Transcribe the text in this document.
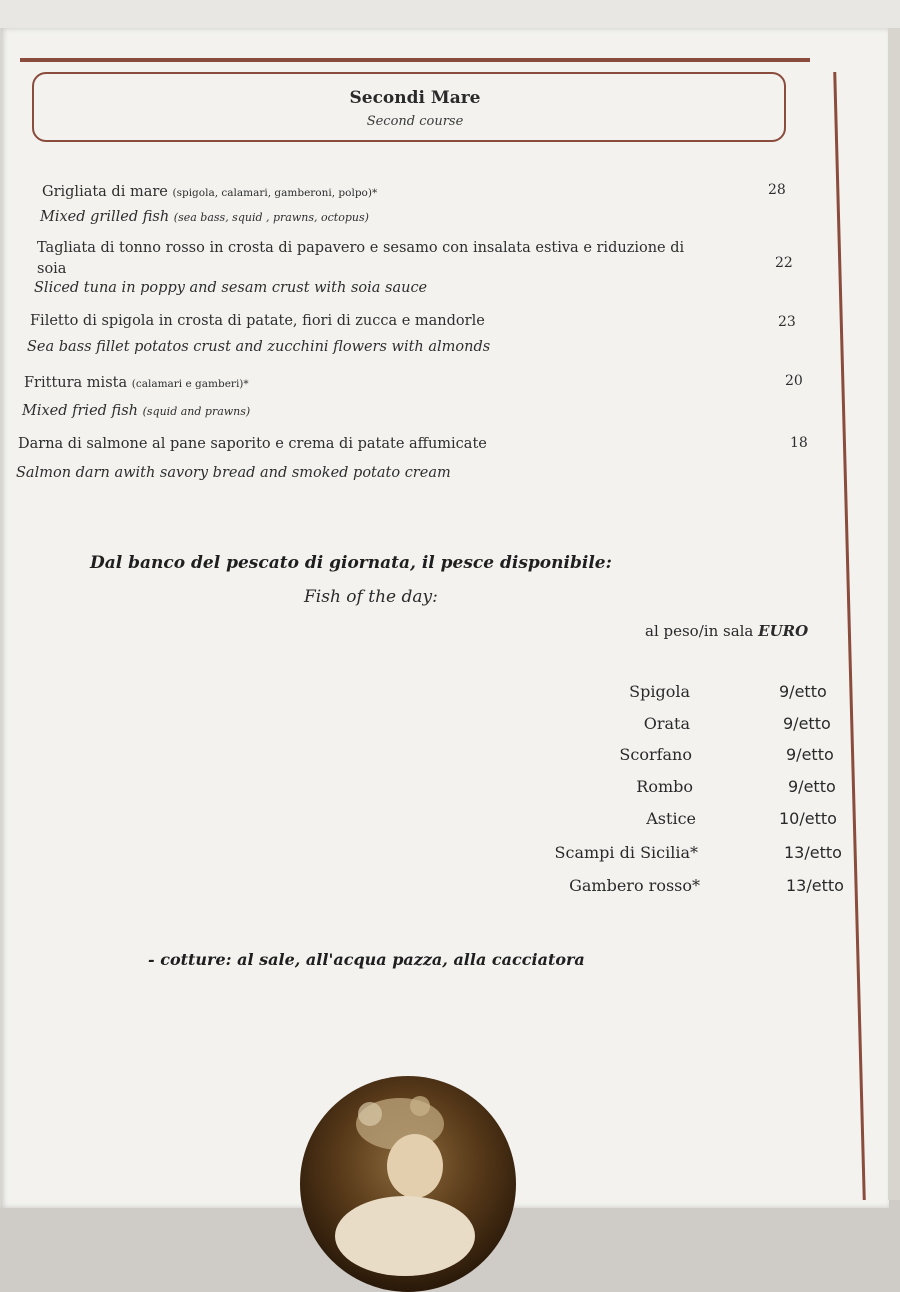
Secondi Mare
Second course
Grigliata di mare (spigola, calamari, gamberoni, polpo)*
Mixed grilled fish (sea bass, squid , prawns, octopus)
28
Tagliata di tonno rosso in crosta di papavero e sesamo con insalata estiva e riduzione di soia
Sliced tuna in poppy and sesam crust with soia sauce
22
Filetto di spigola in crosta di patate, fiori di zucca e mandorle
Sea bass fillet potatos crust and zucchini flowers with almonds
23
Frittura mista (calamari e gamberi)*
Mixed fried fish (squid and prawns)
20
Darna di salmone al pane saporito e crema di patate affumicate
Salmon darn awith savory bread and smoked potato cream
18
Dal banco del pescato di giornata, il pesce disponibile:
Fish of the day:
al peso/in sala EURO
Spigola	9/etto
Orata	9/etto
Scorfano	9/etto
Rombo	9/etto
Astice	10/etto
Scampi di Sicilia*	13/etto
Gambero rosso*	13/etto
- cotture: al sale, all'acqua pazza, alla cacciatora
